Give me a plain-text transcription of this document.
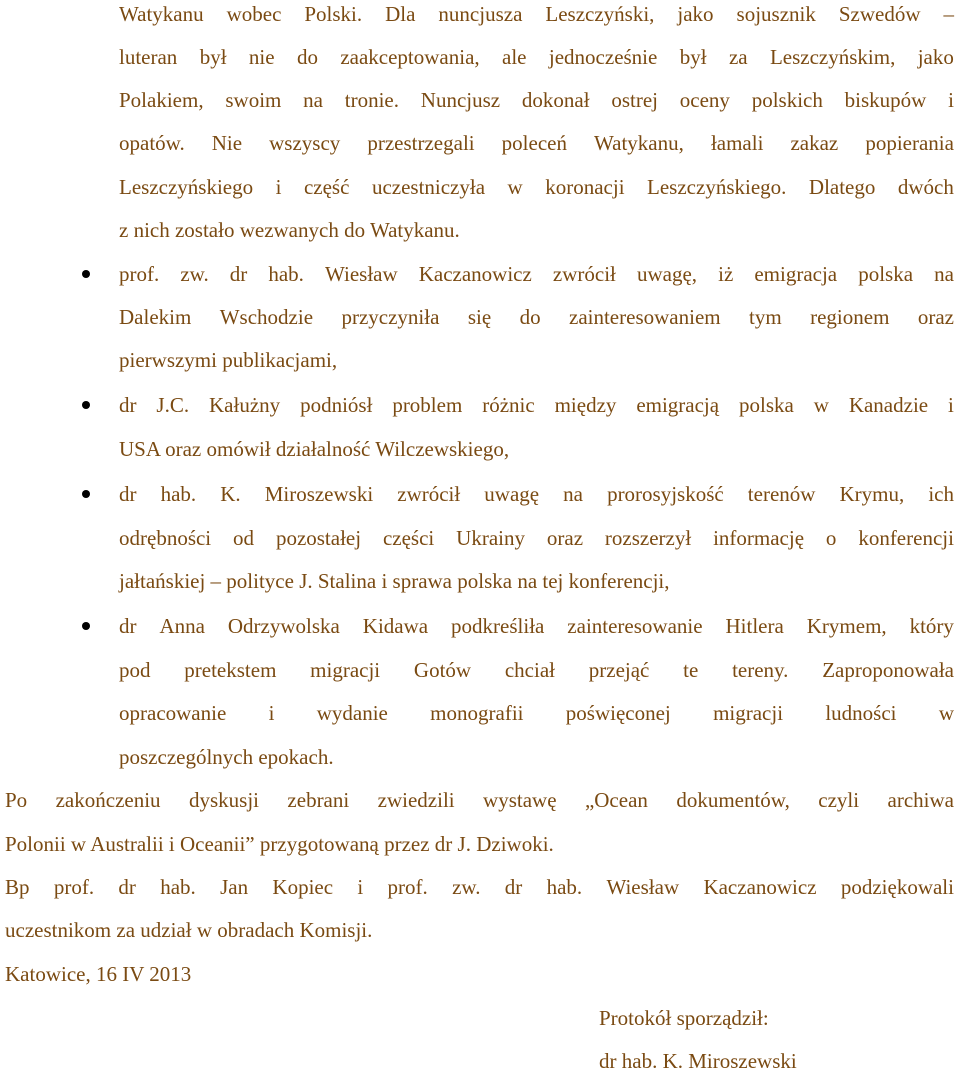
Watykanu wobec Polski. Dla nuncjusza Leszczyński, jako sojusznik Szwedów –
luteran był nie do zaakceptowania, ale jednocześnie był za Leszczyńskim, jako
Polakiem, swoim na tronie. Nuncjusz dokonał ostrej oceny polskich biskupów i
opatów. Nie wszyscy przestrzegali poleceń Watykanu, łamali zakaz popierania
Leszczyńskiego i część uczestniczyła w koronacji Leszczyńskiego. Dlatego dwóch
z nich zostało wezwanych do Watykanu.
prof. zw. dr hab. Wiesław Kaczanowicz zwrócił uwagę, iż emigracja polska na
Dalekim Wschodzie przyczyniła się do zainteresowaniem tym regionem oraz
pierwszymi publikacjami,
dr J.C. Kałużny podniósł problem różnic między emigracją polska w Kanadzie i
USA oraz omówił działalność Wilczewskiego,
dr hab. K. Miroszewski zwrócił uwagę na prorosyjskość terenów Krymu, ich
odrębności od pozostałej części Ukrainy oraz rozszerzył informację o konferencji
jałtańskiej – polityce J. Stalina i sprawa polska na tej konferencji,
dr Anna Odrzywolska Kidawa podkreśliła zainteresowanie Hitlera Krymem, który
pod pretekstem migracji Gotów chciał przejąć te tereny. Zaproponowała
opracowanie i wydanie monografii poświęconej migracji ludności w
poszczególnych epokach.
Po zakończeniu dyskusji zebrani zwiedzili wystawę „Ocean dokumentów, czyli archiwa
Polonii w Australii i Oceanii” przygotowaną przez dr J. Dziwoki.
Bp prof. dr hab. Jan Kopiec i prof. zw. dr hab. Wiesław Kaczanowicz podziękowali
uczestnikom za udział w obradach Komisji.
Katowice, 16 IV 2013
Protokół sporządził:
dr hab. K. Miroszewski
